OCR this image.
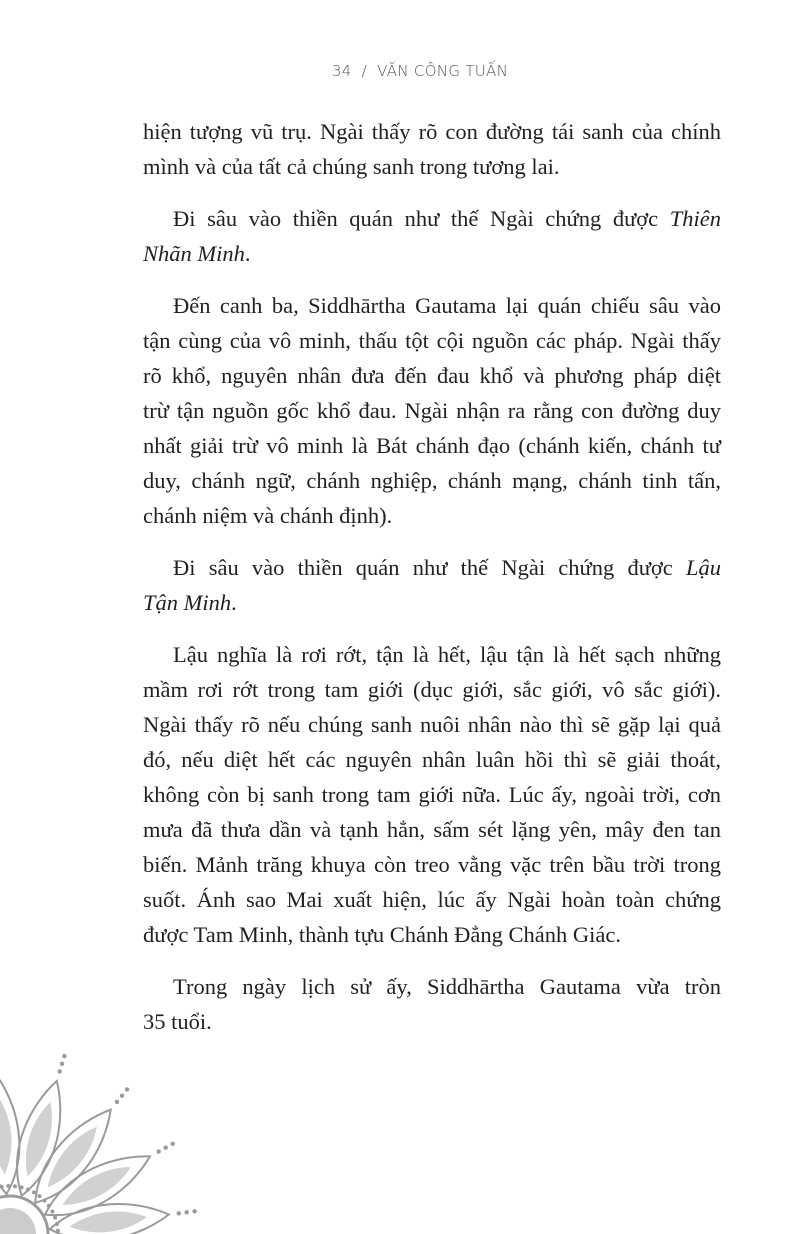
34 / VĂN CÔNG TUẤN
hiện tượng vũ trụ. Ngài thấy rõ con đường tái sanh của chính
mình và của tất cả chúng sanh trong tương lai.
Đi sâu vào thiền quán như thế Ngài chứng được Thiên
Nhãn Minh.
Đến canh ba, Siddhārtha Gautama lại quán chiếu sâu vào
tận cùng của vô minh, thấu tột cội nguồn các pháp. Ngài thấy
rõ khổ, nguyên nhân đưa đến đau khổ và phương pháp diệt
trừ tận nguồn gốc khổ đau. Ngài nhận ra rằng con đường duy
nhất giải trừ vô minh là Bát chánh đạo (chánh kiến, chánh tư
duy, chánh ngữ, chánh nghiệp, chánh mạng, chánh tinh tấn,
chánh niệm và chánh định).
Đi sâu vào thiền quán như thế Ngài chứng được Lậu
Tận Minh.
Lậu nghĩa là rơi rớt, tận là hết, lậu tận là hết sạch những
mầm rơi rớt trong tam giới (dục giới, sắc giới, vô sắc giới).
Ngài thấy rõ nếu chúng sanh nuôi nhân nào thì sẽ gặp lại quả
đó, nếu diệt hết các nguyên nhân luân hồi thì sẽ giải thoát,
không còn bị sanh trong tam giới nữa. Lúc ấy, ngoài trời, cơn
mưa đã thưa dần và tạnh hẳn, sấm sét lặng yên, mây đen tan
biến. Mảnh trăng khuya còn treo vằng vặc trên bầu trời trong
suốt. Ánh sao Mai xuất hiện, lúc ấy Ngài hoàn toàn chứng
được Tam Minh, thành tựu Chánh Đẳng Chánh Giác.
Trong ngày lịch sử ấy, Siddhārtha Gautama vừa tròn
35 tuổi.
